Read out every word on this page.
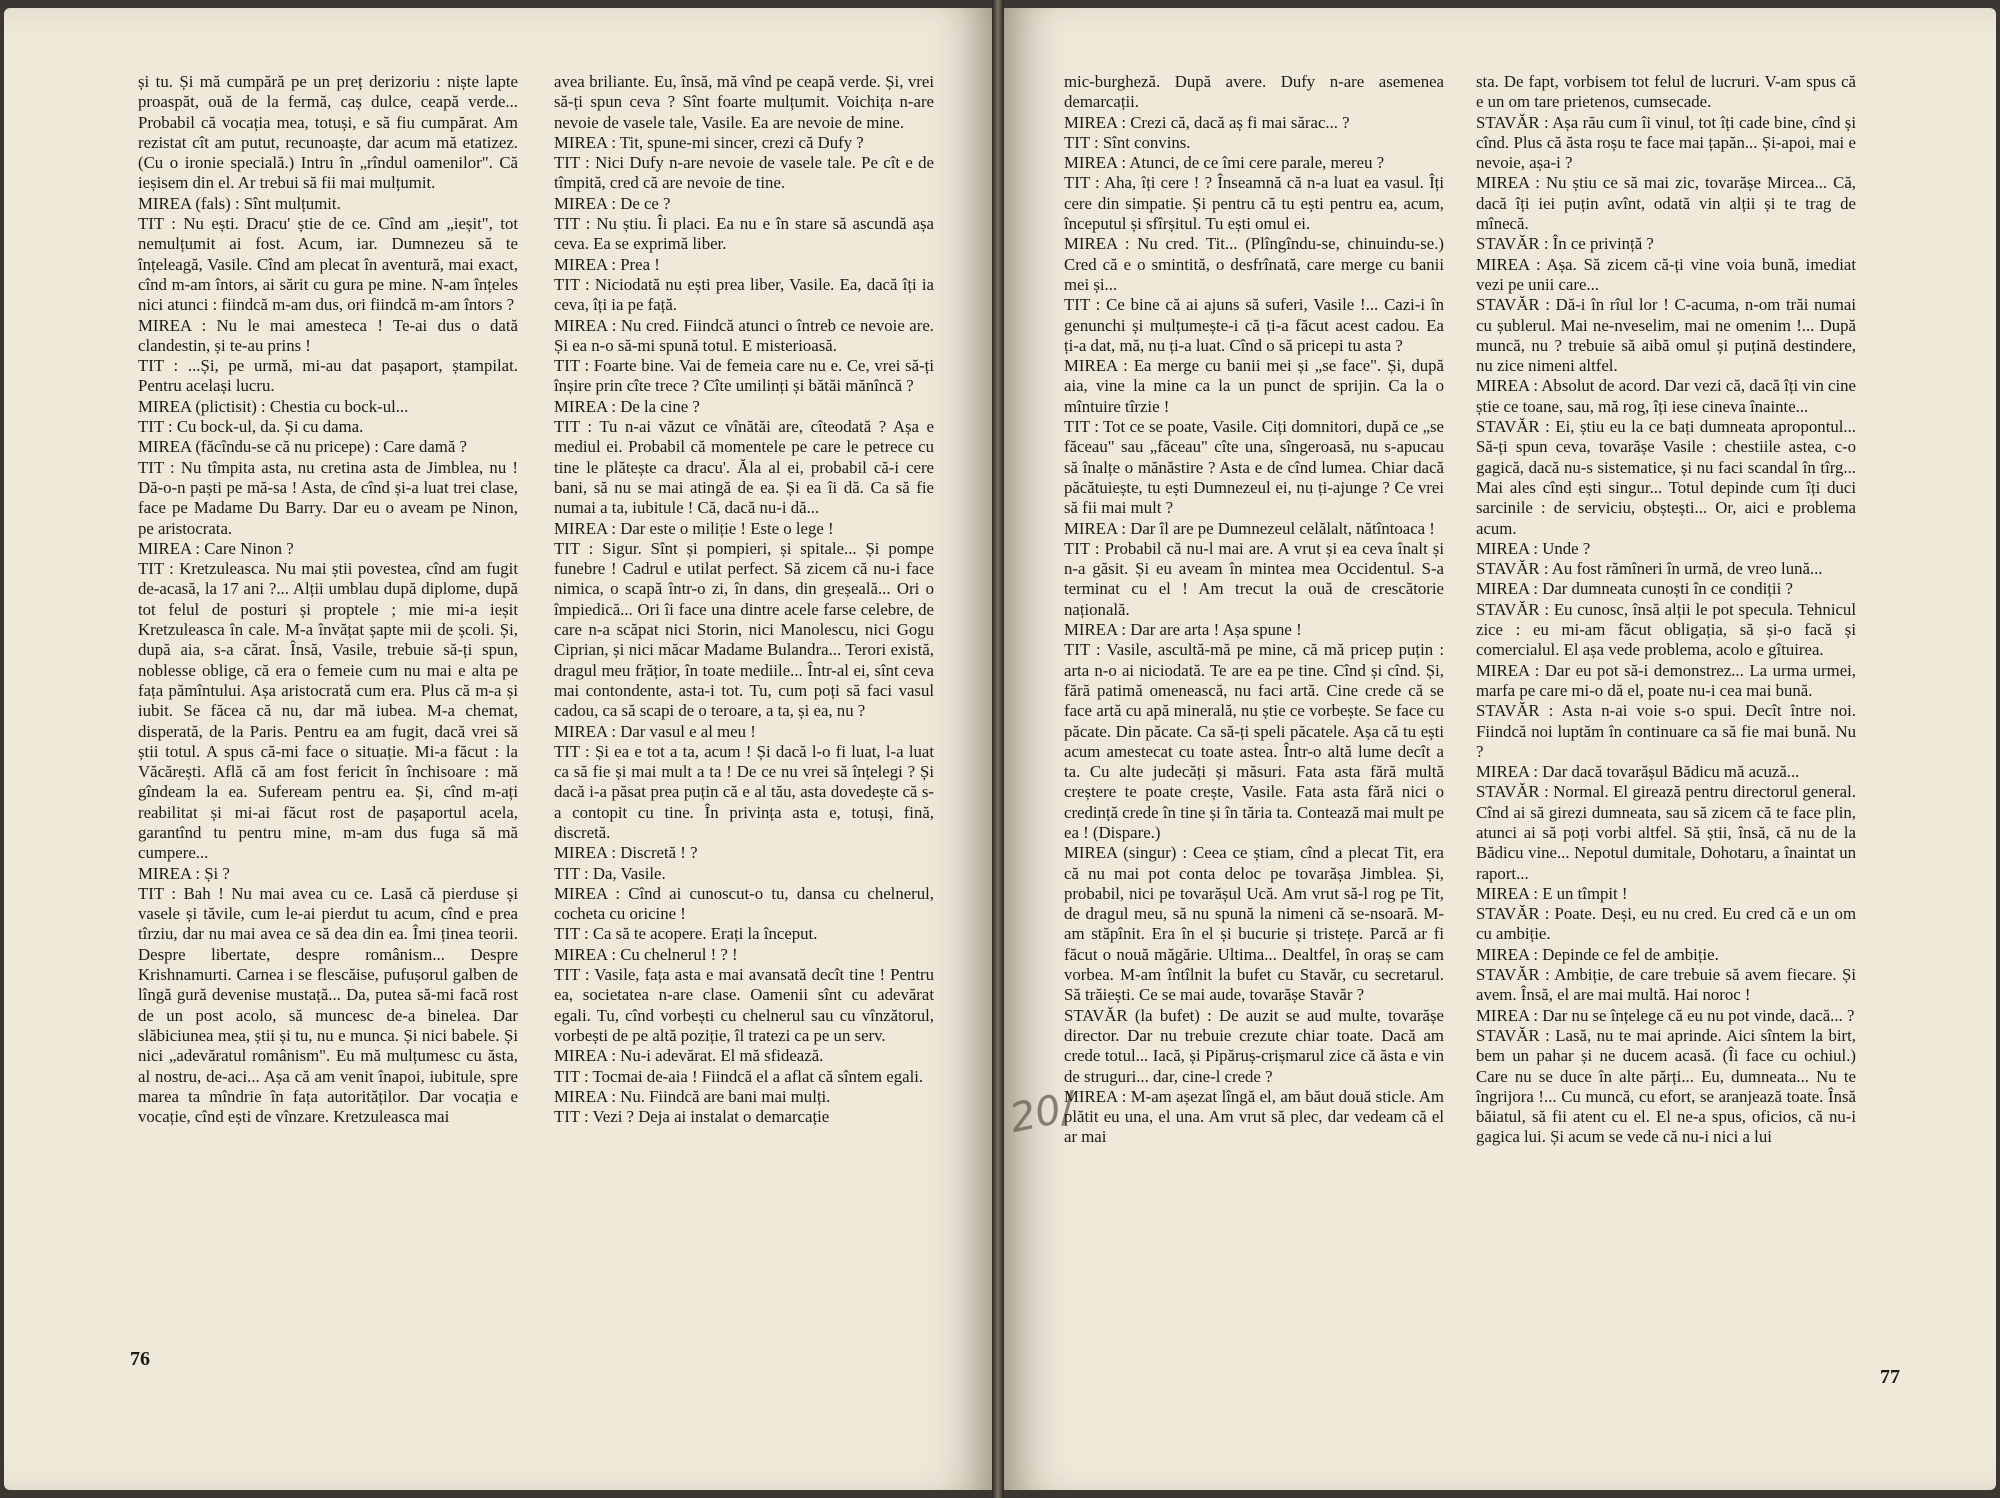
și tu. Și mă cumpără pe un preț derizoriu : niște lapte proaspăt, ouă de la fermă, caș dulce, ceapă verde... Probabil că vocația mea, totuși, e să fiu cumpărat. Am rezistat cît am putut, recunoaște, dar acum mă etatizez. (Cu o ironie specială.) Intru în „rîndul oamenilor". Că ieșisem din el. Ar trebui să fii mai mulțumit.

MIREA (fals) : Sînt mulțumit.

TIT : Nu ești. Dracu' știe de ce. Cînd am „ieșit", tot nemulțumit ai fost. Acum, iar. Dumnezeu să te înțeleagă, Vasile. Cînd am plecat în aventură, mai exact, cînd m-am întors, ai sărit cu gura pe mine. N-am înțeles nici atunci : fiindcă m-am dus, ori fiindcă m-am întors ?

MIREA : Nu le mai amesteca ! Te-ai dus o dată clandestin, și te-au prins !

TIT : ...Și, pe urmă, mi-au dat pașaport, ștampilat. Pentru același lucru.

MIREA (plictisit) : Chestia cu bock-ul...

TIT : Cu bock-ul, da. Și cu dama.

MIREA (făcîndu-se că nu pricepe) : Care damă ?

TIT : Nu tîmpita asta, nu cretina asta de Jimblea, nu ! Dă-o-n paști pe mă-sa ! Asta, de cînd și-a luat trei clase, face pe Madame Du Barry. Dar eu o aveam pe Ninon, pe aristocrata.

MIREA : Care Ninon ?

TIT : Kretzuleasca. Nu mai știi povestea, cînd am fugit de-acasă, la 17 ani ?... Alții umblau după diplome, după tot felul de posturi și proptele ; mie mi-a ieșit Kretzuleasca în cale. M-a învățat șapte mii de școli. Și, după aia, s-a cărat. Însă, Vasile, trebuie să-ți spun, noblesse oblige, că era o femeie cum nu mai e alta pe fața pămîntului. Așa aristocrată cum era. Plus că m-a și iubit. Se făcea că nu, dar mă iubea. M-a chemat, disperată, de la Paris. Pentru ea am fugit, dacă vrei să știi totul. A spus că-mi face o situație. Mi-a făcut : la Văcărești. Află că am fost fericit în închisoare : mă gîndeam la ea. Sufeream pentru ea. Și, cînd m-ați reabilitat și mi-ai făcut rost de pașaportul acela, garantînd tu pentru mine, m-am dus fuga să mă cumpere...

MIREA : Și ?

TIT : Bah ! Nu mai avea cu ce. Lasă că pierduse și vasele și tăvile, cum le-ai pierdut tu acum, cînd e prea tîrziu, dar nu mai avea ce să dea din ea. Îmi ținea teorii. Despre libertate, despre românism... Despre Krishnamurti. Carnea i se flescăise, pufușorul galben de lîngă gură devenise mustață... Da, putea să-mi facă rost de un post acolo, să muncesc de-a binelea. Dar slăbiciunea mea, știi și tu, nu e munca. Și nici babele. Și nici „adevăratul românism". Eu mă mulțumesc cu ăsta, al nostru, de-aci... Așa că am venit înapoi, iubitule, spre marea ta mîndrie în fața autorităților. Dar vocația e vocație, cînd ești de vînzare. Kretzuleasca mai

avea briliante. Eu, însă, mă vînd pe ceapă verde. Și, vrei să-ți spun ceva ? Sînt foarte mulțumit. Voichița n-are nevoie de vasele tale, Vasile. Ea are nevoie de mine.

MIREA : Tit, spune-mi sincer, crezi că Dufy ?

TIT : Nici Dufy n-are nevoie de vasele tale. Pe cît e de tîmpită, cred că are nevoie de tine.

MIREA : De ce ?

TIT : Nu știu. Îi placi. Ea nu e în stare să ascundă așa ceva. Ea se exprimă liber.

MIREA : Prea !

TIT : Niciodată nu ești prea liber, Vasile. Ea, dacă îți ia ceva, îți ia pe față.

MIREA : Nu cred. Fiindcă atunci o întreb ce nevoie are. Și ea n-o să-mi spună totul. E misterioasă.

TIT : Foarte bine. Vai de femeia care nu e. Ce, vrei să-ți înșire prin cîte trece ? Cîte umilinți și bătăi mănîncă ?

MIREA : De la cine ?

TIT : Tu n-ai văzut ce vînătăi are, cîteodată ? Așa e mediul ei. Probabil că momentele pe care le petrece cu tine le plătește ca dracu'. Ăla al ei, probabil că-i cere bani, să nu se mai atingă de ea. Și ea îi dă. Ca să fie numai a ta, iubitule ! Că, dacă nu-i dă...

MIREA : Dar este o miliție ! Este o lege !

TIT : Sigur. Sînt și pompieri, și spitale... Și pompe funebre ! Cadrul e utilat perfect. Să zicem că nu-i face nimica, o scapă într-o zi, în dans, din greșeală... Ori o împiedică... Ori îi face una dintre acele farse celebre, de care n-a scăpat nici Storin, nici Manolescu, nici Gogu Ciprian, și nici măcar Madame Bulandra... Terori există, dragul meu frățior, în toate mediile... Într-al ei, sînt ceva mai contondente, asta-i tot. Tu, cum poți să faci vasul cadou, ca să scapi de o teroare, a ta, și ea, nu ?

MIREA : Dar vasul e al meu !

TIT : Și ea e tot a ta, acum ! Și dacă l-o fi luat, l-a luat ca să fie și mai mult a ta ! De ce nu vrei să înțelegi ? Și dacă i-a păsat prea puțin că e al tău, asta dovedește că s-a contopit cu tine. În privința asta e, totuși, fină, discretă.

MIREA : Discretă ! ?

TIT : Da, Vasile.

MIREA : Cînd ai cunoscut-o tu, dansa cu chelnerul, cocheta cu oricine !

TIT : Ca să te acopere. Erați la început.

MIREA : Cu chelnerul ! ? !

TIT : Vasile, fața asta e mai avansată decît tine ! Pentru ea, societatea n-are clase. Oamenii sînt cu adevărat egali. Tu, cînd vorbești cu chelnerul sau cu vînzătorul, vorbești de pe altă poziție, îl tratezi ca pe un serv.

MIREA : Nu-i adevărat. El mă sfidează.

TIT : Tocmai de-aia ! Fiindcă el a aflat că sîntem egali.

MIREA : Nu. Fiindcă are bani mai mulți.

TIT : Vezi ? Deja ai instalat o demarcație

76
20/

mic-burgheză. După avere. Dufy n-are asemenea demarcații.

MIREA : Crezi că, dacă aș fi mai sărac... ?

TIT : Sînt convins.

MIREA : Atunci, de ce îmi cere parale, mereu ?

TIT : Aha, îți cere ! ? Înseamnă că n-a luat ea vasul. Îți cere din simpatie. Și pentru că tu ești pentru ea, acum, începutul și sfîrșitul. Tu ești omul ei.

MIREA : Nu cred. Tit... (Plîngîndu-se, chinuindu-se.) Cred că e o smintită, o desfrînată, care merge cu banii mei și...

TIT : Ce bine că ai ajuns să suferi, Vasile !... Cazi-i în genunchi și mulțumește-i că ți-a făcut acest cadou. Ea ți-a dat, mă, nu ți-a luat. Cînd o să pricepi tu asta ?

MIREA : Ea merge cu banii mei și „se face". Și, după aia, vine la mine ca la un punct de sprijin. Ca la o mîntuire tîrzie !

TIT : Tot ce se poate, Vasile. Ciți domnitori, după ce „se făceau" sau „făceau" cîte una, sîngeroasă, nu s-apucau să înalțe o mănăstire ? Asta e de cînd lumea. Chiar dacă păcătuiește, tu ești Dumnezeul ei, nu ți-ajunge ? Ce vrei să fii mai mult ?

MIREA : Dar îl are pe Dumnezeul celălalt, nătîntoaca !

TIT : Probabil că nu-l mai are. A vrut și ea ceva înalt și n-a găsit. Și eu aveam în mintea mea Occidentul. S-a terminat cu el ! Am trecut la ouă de crescătorie națională.

MIREA : Dar are arta ! Așa spune !

TIT : Vasile, ascultă-mă pe mine, că mă pricep puțin : arta n-o ai niciodată. Te are ea pe tine. Cînd și cînd. Și, fără patimă omenească, nu faci artă. Cine crede că se face artă cu apă minerală, nu știe ce vorbește. Se face cu păcate. Din păcate. Ca să-ți speli păcatele. Așa că tu ești acum amestecat cu toate astea. Într-o altă lume decît a ta. Cu alte judecăți și măsuri. Fata asta fără multă creștere te poate crește, Vasile. Fata asta fără nici o credință crede în tine și în tăria ta. Contează mai mult pe ea ! (Dispare.)

MIREA (singur) : Ceea ce știam, cînd a plecat Tit, era că nu mai pot conta deloc pe tovarășa Jimblea. Și, probabil, nici pe tovarășul Ucă. Am vrut să-l rog pe Tit, de dragul meu, să nu spună la nimeni că se-nsoară. M-am stăpînit. Era în el și bucurie și tristețe. Parcă ar fi făcut o nouă măgărie. Ultima... Dealtfel, în oraș se cam vorbea. M-am întîlnit la bufet cu Stavăr, cu secretarul. Să trăiești. Ce se mai aude, tovarășe Stavăr ?

STAVĂR (la bufet) : De auzit se aud multe, tovarășe director. Dar nu trebuie crezute chiar toate. Dacă am crede totul... Iacă, și Pipăruș-crișmarul zice că ăsta e vin de struguri... dar, cine-l crede ?

MIREA : M-am așezat lîngă el, am băut două sticle. Am plătit eu una, el una. Am vrut să plec, dar vedeam că el ar mai

sta. De fapt, vorbisem tot felul de lucruri. V-am spus că e un om tare prietenos, cumsecade.

STAVĂR : Așa rău cum îi vinul, tot îți cade bine, cînd și cînd. Plus că ăsta roșu te face mai țapăn... Și-apoi, mai e nevoie, așa-i ?

MIREA : Nu știu ce să mai zic, tovarășe Mircea... Că, dacă îți iei puțin avînt, odată vin alții și te trag de mînecă.

STAVĂR : În ce privință ?

MIREA : Așa. Să zicem că-ți vine voia bună, imediat vezi pe unii care...

STAVĂR : Dă-i în rîul lor ! C-acuma, n-om trăi numai cu șublerul. Mai ne-nveselim, mai ne omenim !... După muncă, nu ? trebuie să aibă omul și puțină destindere, nu zice nimeni altfel.

MIREA : Absolut de acord. Dar vezi că, dacă îți vin cine știe ce toane, sau, mă rog, îți iese cineva înainte...

STAVĂR : Ei, știu eu la ce bați dumneata apropontul... Să-ți spun ceva, tovarășe Vasile : chestiile astea, c-o gagică, dacă nu-s sistematice, și nu faci scandal în tîrg... Mai ales cînd ești singur... Totul depinde cum îți duci sarcinile : de serviciu, obștești... Or, aici e problema acum.

MIREA : Unde ?

STAVĂR : Au fost rămîneri în urmă, de vreo lună...

MIREA : Dar dumneata cunoști în ce condiții ?

STAVĂR : Eu cunosc, însă alții le pot specula. Tehnicul zice : eu mi-am făcut obligația, să și-o facă și comercialul. El așa vede problema, acolo e gîtuirea.

MIREA : Dar eu pot să-i demonstrez... La urma urmei, marfa pe care mi-o dă el, poate nu-i cea mai bună.

STAVĂR : Asta n-ai voie s-o spui. Decît între noi. Fiindcă noi luptăm în continuare ca să fie mai bună. Nu ?

MIREA : Dar dacă tovarășul Bădicu mă acuză...

STAVĂR : Normal. El girează pentru directorul general. Cînd ai să girezi dumneata, sau să zicem că te face plin, atunci ai să poți vorbi altfel. Să știi, însă, că nu de la Bădicu vine... Nepotul dumitale, Dohotaru, a înaintat un raport...

MIREA : E un tîmpit !

STAVĂR : Poate. Deși, eu nu cred. Eu cred că e un om cu ambiție.

MIREA : Depinde ce fel de ambiție.

STAVĂR : Ambiție, de care trebuie să avem fiecare. Și avem. Însă, el are mai multă. Hai noroc !

MIREA : Dar nu se înțelege că eu nu pot vinde, dacă... ?

STAVĂR : Lasă, nu te mai aprinde. Aici sîntem la birt, bem un pahar și ne ducem acasă. (Îi face cu ochiul.) Care nu se duce în alte părți... Eu, dumneata... Nu te îngrijora !... Cu muncă, cu efort, se aranjează toate. Însă băiatul, să fii atent cu el. El ne-a spus, oficios, că nu-i gagica lui. Și acum se vede că nu-i nici a lui

77
